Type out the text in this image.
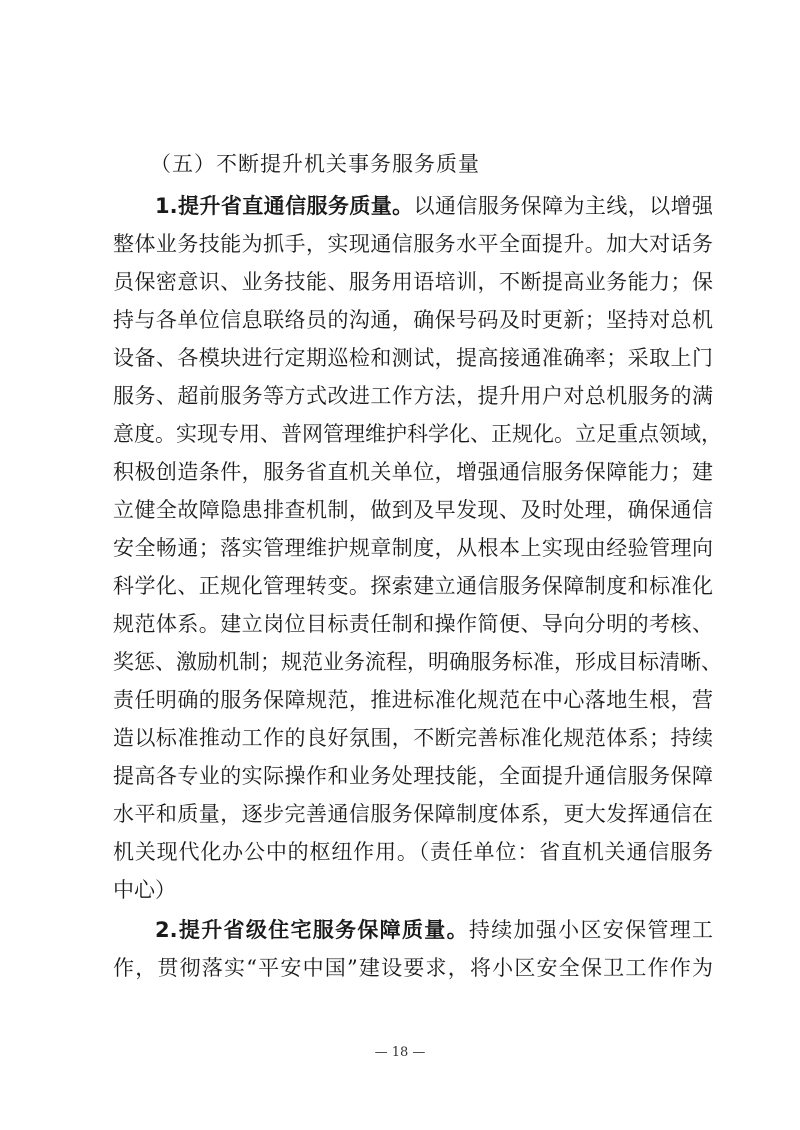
（五）不断提升机关事务服务质量
1.提升省直通信服务质量。以通信服务保障为主线，以增强
整体业务技能为抓手，实现通信服务水平全面提升。加大对话务
员保密意识、业务技能、服务用语培训，不断提高业务能力；保
持与各单位信息联络员的沟通，确保号码及时更新；坚持对总机
设备、各模块进行定期巡检和测试，提高接通准确率；采取上门
服务、超前服务等方式改进工作方法，提升用户对总机服务的满
意度。实现专用、普网管理维护科学化、正规化。立足重点领域，
积极创造条件，服务省直机关单位，增强通信服务保障能力；建
立健全故障隐患排查机制，做到及早发现、及时处理，确保通信
安全畅通；落实管理维护规章制度，从根本上实现由经验管理向
科学化、正规化管理转变。探索建立通信服务保障制度和标准化
规范体系。建立岗位目标责任制和操作简便、导向分明的考核、
奖惩、激励机制；规范业务流程，明确服务标准，形成目标清晰、
责任明确的服务保障规范，推进标准化规范在中心落地生根，营
造以标准推动工作的良好氛围，不断完善标准化规范体系；持续
提高各专业的实际操作和业务处理技能，全面提升通信服务保障
水平和质量，逐步完善通信服务保障制度体系，更大发挥通信在
机关现代化办公中的枢纽作用。（责任单位：省直机关通信服务
中心）
2.提升省级住宅服务保障质量。持续加强小区安保管理工
作，贯彻落实“平安中国”建设要求，将小区安全保卫工作作为
— 18 —
